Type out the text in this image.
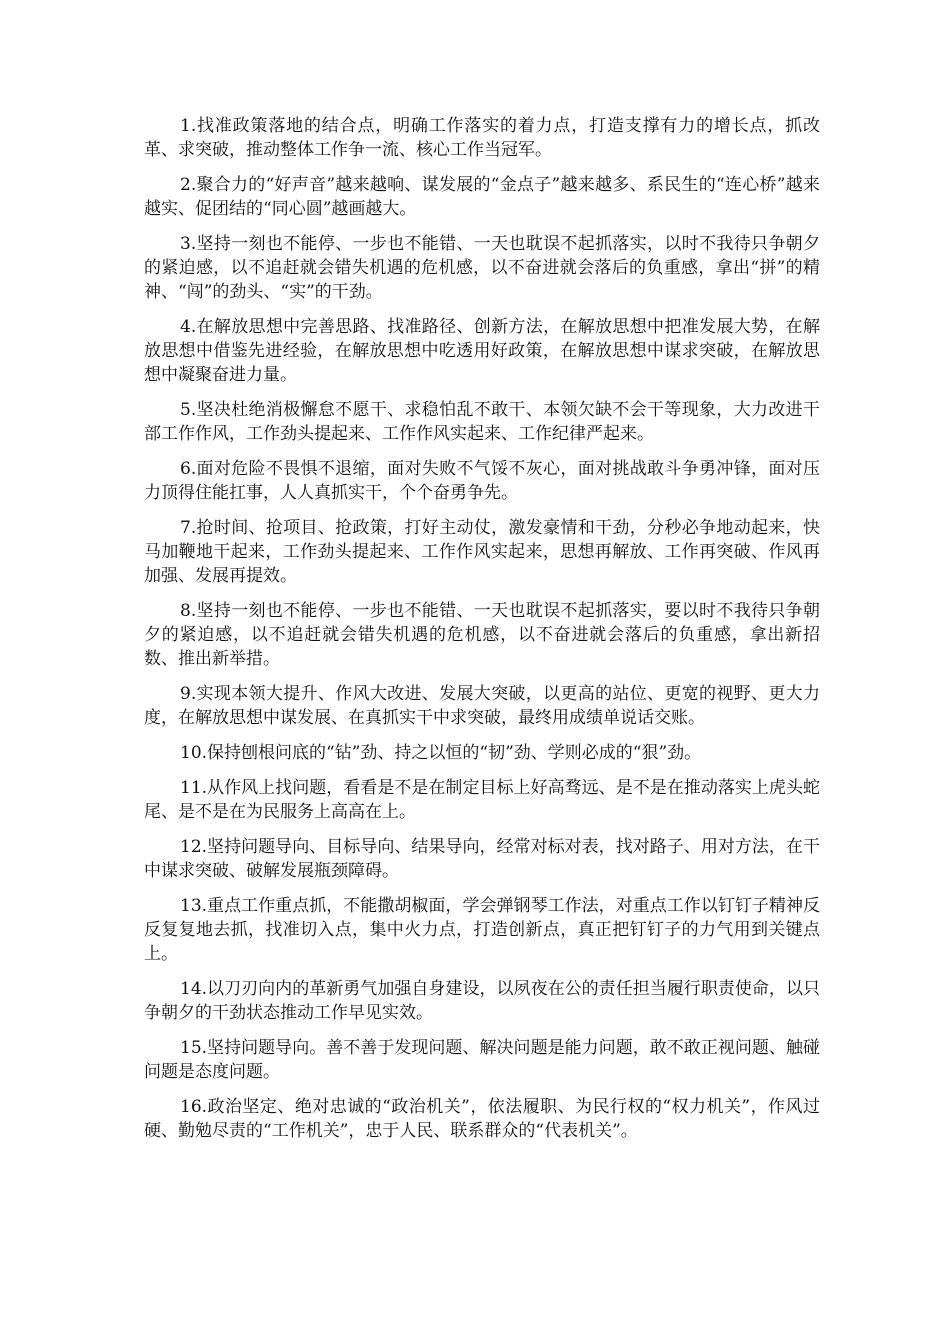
1.找准政策落地的结合点，明确工作落实的着力点，打造支撑有力的增长点，抓改革、求突破，推动整体工作争一流、核心工作当冠军。

2.聚合力的“好声音”越来越响、谋发展的“金点子”越来越多、系民生的“连心桥”越来越实、促团结的“同心圆”越画越大。

3.坚持一刻也不能停、一步也不能错、一天也耽误不起抓落实，以时不我待只争朝夕的紧迫感，以不追赶就会错失机遇的危机感，以不奋进就会落后的负重感，拿出“拼”的精神、“闯”的劲头、“实”的干劲。

4.在解放思想中完善思路、找准路径、创新方法，在解放思想中把准发展大势，在解放思想中借鉴先进经验，在解放思想中吃透用好政策，在解放思想中谋求突破，在解放思想中凝聚奋进力量。

5.坚决杜绝消极懈怠不愿干、求稳怕乱不敢干、本领欠缺不会干等现象，大力改进干部工作作风，工作劲头提起来、工作作风实起来、工作纪律严起来。

6.面对危险不畏惧不退缩，面对失败不气馁不灰心，面对挑战敢斗争勇冲锋，面对压力顶得住能扛事，人人真抓实干，个个奋勇争先。

7.抢时间、抢项目、抢政策，打好主动仗，激发豪情和干劲，分秒必争地动起来，快马加鞭地干起来，工作劲头提起来、工作作风实起来，思想再解放、工作再突破、作风再加强、发展再提效。

8.坚持一刻也不能停、一步也不能错、一天也耽误不起抓落实，要以时不我待只争朝夕的紧迫感，以不追赶就会错失机遇的危机感，以不奋进就会落后的负重感，拿出新招数、推出新举措。

9.实现本领大提升、作风大改进、发展大突破，以更高的站位、更宽的视野、更大力度，在解放思想中谋发展、在真抓实干中求突破，最终用成绩单说话交账。

10.保持刨根问底的“钻”劲、持之以恒的“韧”劲、学则必成的“狠”劲。

11.从作风上找问题，看看是不是在制定目标上好高骛远、是不是在推动落实上虎头蛇尾、是不是在为民服务上高高在上。

12.坚持问题导向、目标导向、结果导向，经常对标对表，找对路子、用对方法，在干中谋求突破、破解发展瓶颈障碍。

13.重点工作重点抓，不能撒胡椒面，学会弹钢琴工作法，对重点工作以钉钉子精神反反复复地去抓，找准切入点，集中火力点，打造创新点，真正把钉钉子的力气用到关键点上。

14.以刀刃向内的革新勇气加强自身建设，以夙夜在公的责任担当履行职责使命，以只争朝夕的干劲状态推动工作早见实效。

15.坚持问题导向。善不善于发现问题、解决问题是能力问题，敢不敢正视问题、触碰问题是态度问题。

16.政治坚定、绝对忠诚的“政治机关”，依法履职、为民行权的“权力机关”，作风过硬、勤勉尽责的“工作机关”，忠于人民、联系群众的“代表机关”。
